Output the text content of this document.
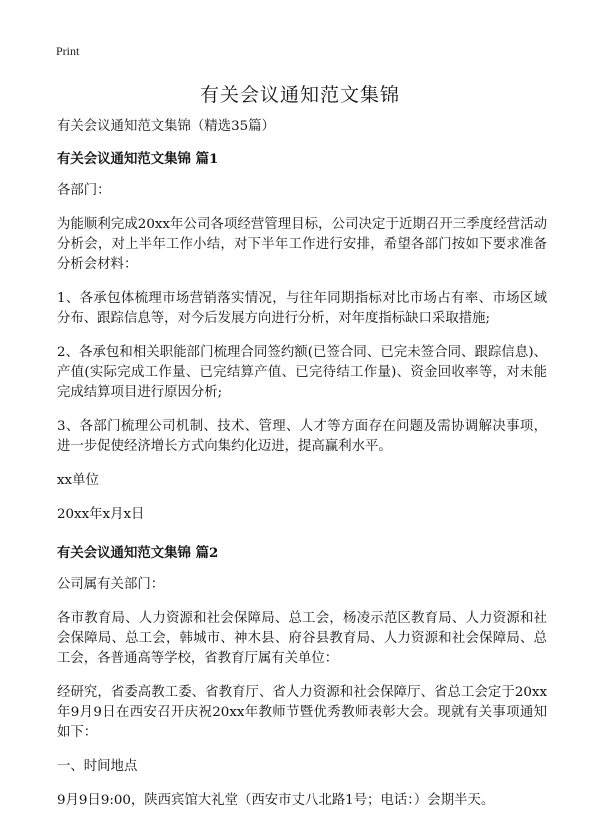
Print
有关会议通知范文集锦

有关会议通知范文集锦（精选35篇）

有关会议通知范文集锦 篇1

各部门：

为能顺利完成20xx年公司各项经营管理目标，公司决定于近期召开三季度经营活动分析会，对上半年工作小结，对下半年工作进行安排，希望各部门按如下要求准备分析会材料：

1、各承包体梳理市场营销落实情况，与往年同期指标对比市场占有率、市场区域分布、跟踪信息等，对今后发展方向进行分析，对年度指标缺口采取措施;

2、各承包和相关职能部门梳理合同签约额(已签合同、已完未签合同、跟踪信息)、产值(实际完成工作量、已完结算产值、已完待结工作量)、资金回收率等，对未能完成结算项目进行原因分析;

3、各部门梳理公司机制、技术、管理、人才等方面存在问题及需协调解决事项，进一步促使经济增长方式向集约化迈进，提高赢利水平。

xx单位

20xx年x月x日

有关会议通知范文集锦 篇2

公司属有关部门：

各市教育局、人力资源和社会保障局、总工会，杨凌示范区教育局、人力资源和社会保障局、总工会，韩城市、神木县、府谷县教育局、人力资源和社会保障局、总工会，各普通高等学校，省教育厅属有关单位：

经研究，省委高教工委、省教育厅、省人力资源和社会保障厅、省总工会定于20xx年9月9日在西安召开庆祝20xx年教师节暨优秀教师表彰大会。现就有关事项通知如下：

一、时间地点

9月9日9:00，陕西宾馆大礼堂（西安市丈八北路1号；电话：）会期半天。
